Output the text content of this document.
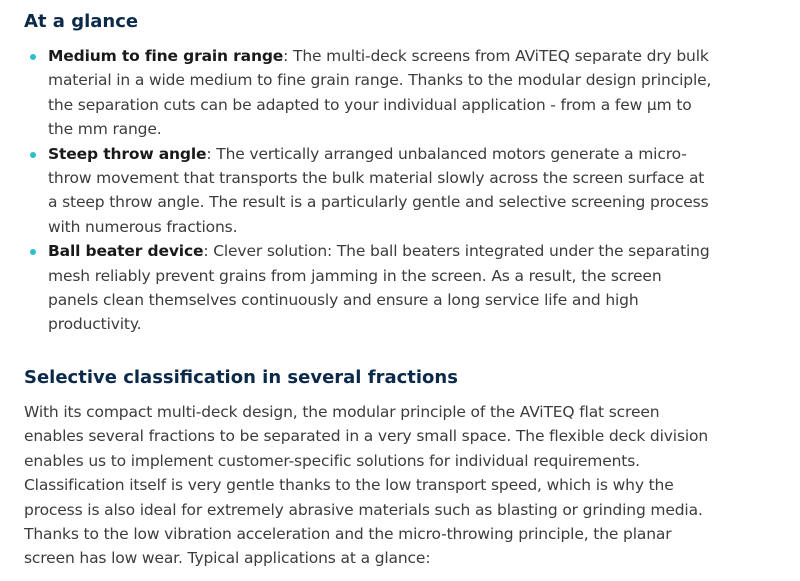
At a glance
Medium to fine grain range: The multi-deck screens from AViTEQ separate dry bulk material in a wide medium to fine grain range. Thanks to the modular design principle, the separation cuts can be adapted to your individual application - from a few µm to the mm range.
Steep throw angle: The vertically arranged unbalanced motors generate a micro-throw movement that transports the bulk material slowly across the screen surface at a steep throw angle. The result is a particularly gentle and selective screening process with numerous fractions.
Ball beater device: Clever solution: The ball beaters integrated under the separating mesh reliably prevent grains from jamming in the screen. As a result, the screen panels clean themselves continuously and ensure a long service life and high productivity.
Selective classification in several fractions

With its compact multi-deck design, the modular principle of the AViTEQ flat screen enables several fractions to be separated in a very small space. The flexible deck division enables us to implement customer-specific solutions for individual requirements. Classification itself is very gentle thanks to the low transport speed, which is why the process is also ideal for extremely abrasive materials such as blasting or grinding media. Thanks to the low vibration acceleration and the micro-throwing principle, the planar screen has low wear. Typical applications at a glance:
